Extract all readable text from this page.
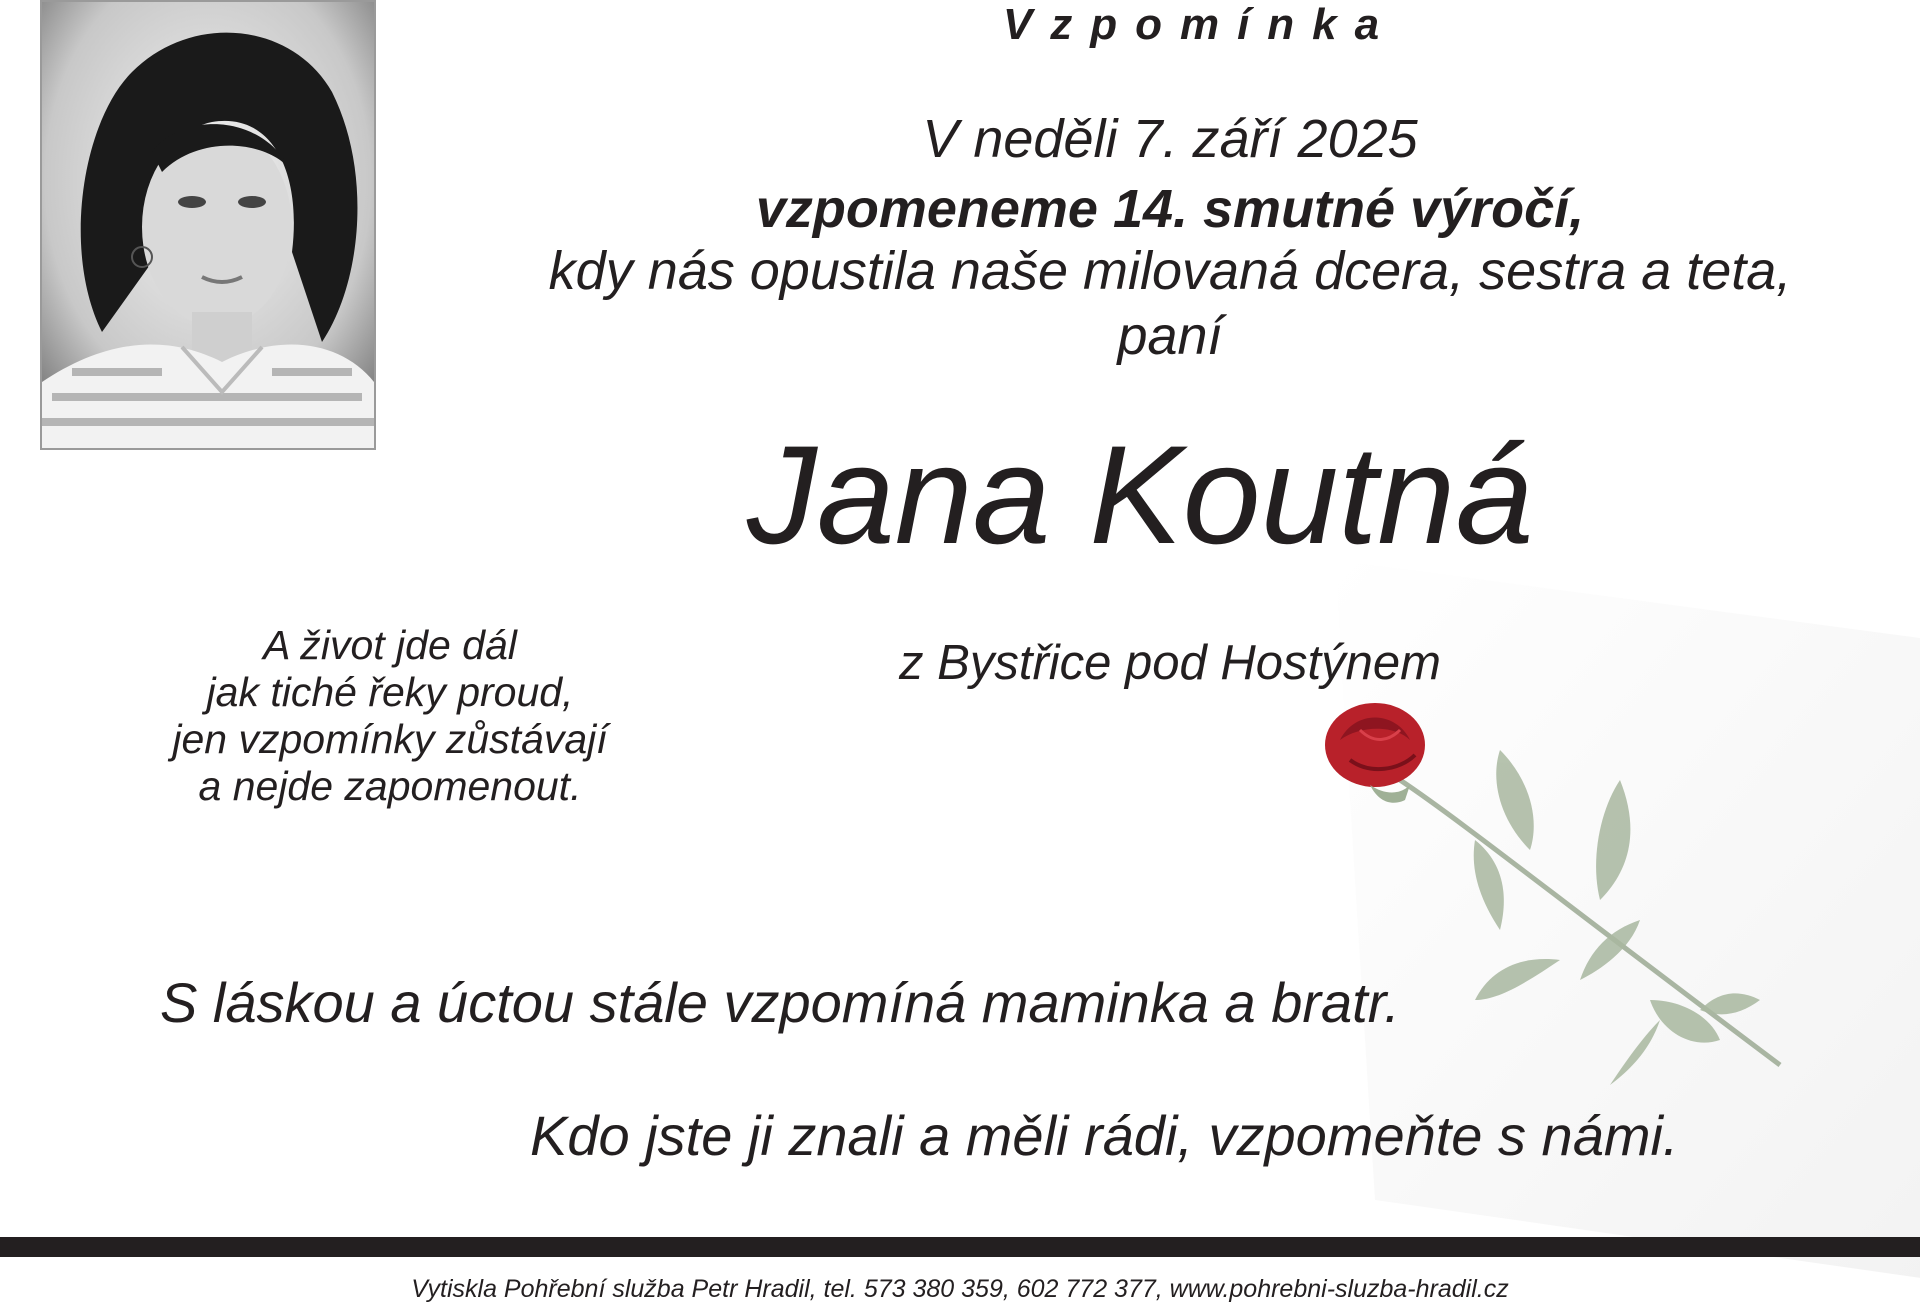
Vzpomínka
V neděli 7. září 2025
vzpomeneme 14. smutné výročí,
kdy nás opustila naše milovaná dcera, sestra a teta,
paní
Jana Koutná
z Bystřice pod Hostýnem
A život jde dál
jak tiché řeky proud,
jen vzpomínky zůstávají
a nejde zapomenout.
S láskou a úctou stále vzpomíná maminka a bratr.
Kdo jste ji znali a měli rádi, vzpomeňte s námi.
Vytiskla Pohřební služba Petr Hradil, tel. 573 380 359, 602 772 377, www.pohrebni-sluzba-hradil.cz
